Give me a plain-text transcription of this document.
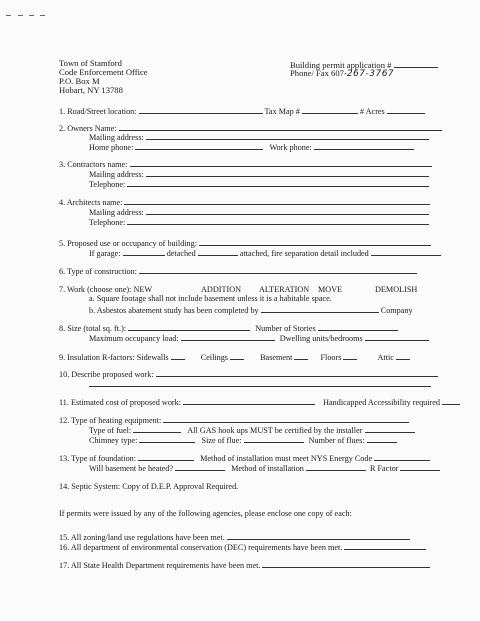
Town of Stamford
Code Enforcement Office
P.O. Box M
Hobart, NY 13788
Building permit application #
Phone/ Fax 607-267-3767
1. Road/Street location:	Tax Map #	# Acres
2. Owners Name:
Mailing address:
Home phone:	Work phone:
3. Contractors name:
Mailing address:
Telephone:
4. Architects name:
Mailing address:
Telephone:
5. Proposed use or occupancy of building:
If garage:	detached	attached, fire separation detail included
6. Type of construction:
7. Work (choose one): NEW	ADDITION ALTERATION MOVE	DEMOLISH
a. Square footage shall not include basement unless it is a habitable space.
b. Asbestos abatement study has been completed by	Company
8. Size (total sq. ft.):	Number of Stories
Maximum occupancy load:	Dwelling units/bedrooms
9. Insulation R-factors: Sidewalls	Ceilings	Basement	Floors	Attic
10. Describe proposed work:
11. Estimated cost of proposed work:	Handicapped Accessibility required
12. Type of heating equipment:
Type of fuel:	All GAS hook ups MUST be certified by the installer
Chimney type:	Size of flue:	Number of flues:
13. Type of foundation:	Method of installation must meet NYS Energy Code
Will basement be heated?	Method of installation	R Factor
14. Septic System: Copy of D.E.P. Approval Required.
If permits were issued by any of the following agencies, please enclose one copy of each:
15. All zoning/land use regulations have been met.
16. All department of environmental conservation (DEC) requirements have been met.
17. All State Health Department requirements have been met.
